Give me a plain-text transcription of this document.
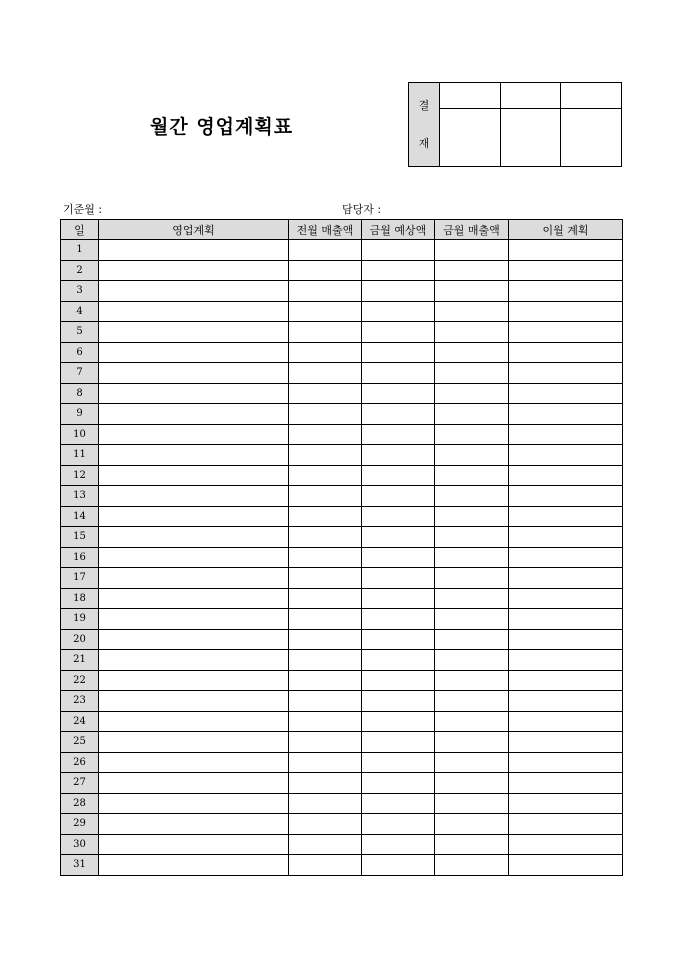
월간 영업계획표
결
재			

기준월 :	담당자 :
일	영업계획	전월 매출액	금월 예상액	금월 매출액	이월 계획
1					
2					
3					
4					
5					
6					
7					
8					
9					
10					
11					
12					
13					
14					
15					
16					
17					
18					
19					
20					
21					
22					
23					
24					
25					
26					
27					
28					
29					
30					
31					
